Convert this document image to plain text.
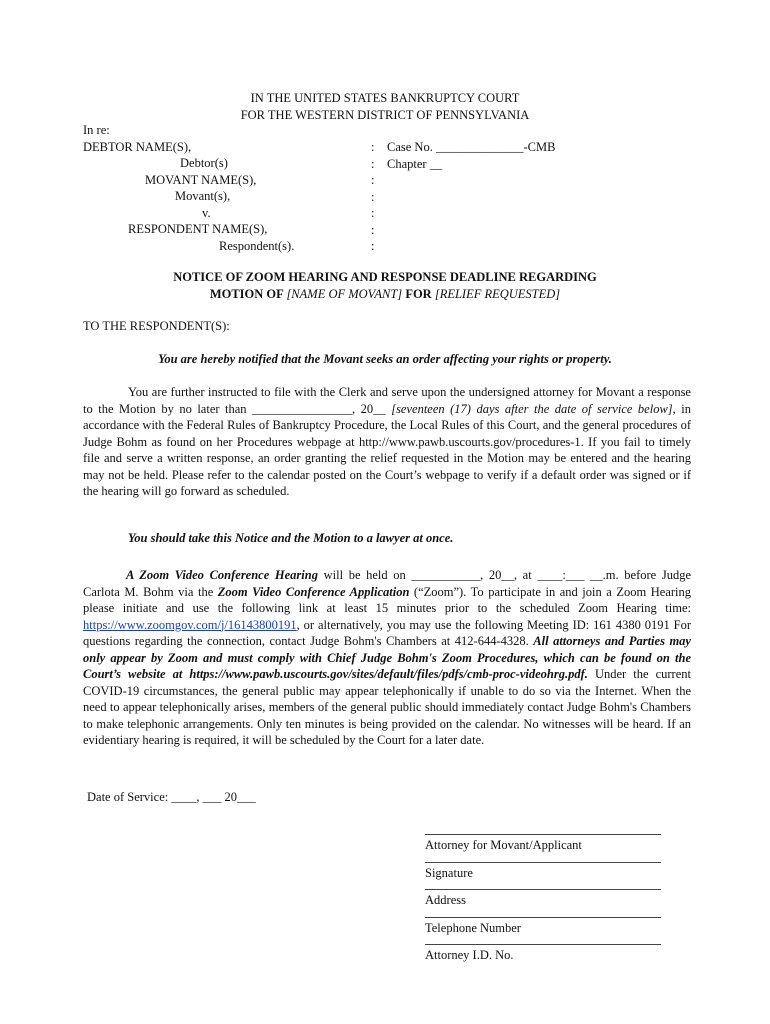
IN THE UNITED STATES BANKRUPTCY COURT
FOR THE WESTERN DISTRICT OF PENNSYLVANIA
In re:
DEBTOR NAME(S),
Debtor(s)
MOVANT NAME(S),
Movant(s),
v.
RESPONDENT NAME(S),
Respondent(s).
:
:
:
:
:
:
:
Case No. ______________-CMB
Chapter __
NOTICE OF ZOOM HEARING AND RESPONSE DEADLINE REGARDING
MOTION OF [NAME OF MOVANT] FOR [RELIEF REQUESTED]
TO THE RESPONDENT(S):
You are hereby notified that the Movant seeks an order affecting your rights or property.
You are further instructed to file with the Clerk and serve upon the undersigned attorney for Movant a response to the Motion by no later than ________________, 20__ [seventeen (17) days after the date of service below], in accordance with the Federal Rules of Bankruptcy Procedure, the Local Rules of this Court, and the general procedures of Judge Bohm as found on her Procedures webpage at http://www.pawb.uscourts.gov/procedures-1. If you fail to timely file and serve a written response, an order granting the relief requested in the Motion may be entered and the hearing may not be held. Please refer to the calendar posted on the Court’s webpage to verify if a default order was signed or if the hearing will go forward as scheduled.
You should take this Notice and the Motion to a lawyer at once.
A Zoom Video Conference Hearing will be held on ___________, 20__, at ____:___ __.m. before Judge Carlota M. Bohm via the Zoom Video Conference Application (“Zoom”). To participate in and join a Zoom Hearing please initiate and use the following link at least 15 minutes prior to the scheduled Zoom Hearing time: https://www.zoomgov.com/j/16143800191, or alternatively, you may use the following Meeting ID: 161 4380 0191 For questions regarding the connection, contact Judge Bohm's Chambers at 412-644-4328. All attorneys and Parties may only appear by Zoom and must comply with Chief Judge Bohm's Zoom Procedures, which can be found on the Court’s website at https://www.pawb.uscourts.gov/sites/default/files/pdfs/cmb-proc-videohrg.pdf. Under the current COVID-19 circumstances, the general public may appear telephonically if unable to do so via the Internet. When the need to appear telephonically arises, members of the general public should immediately contact Judge Bohm's Chambers to make telephonic arrangements. Only ten minutes is being provided on the calendar. No witnesses will be heard. If an evidentiary hearing is required, it will be scheduled by the Court for a later date.
Date of Service: ____, ___ 20___
Attorney for Movant/Applicant
Signature
Address
Telephone Number
Attorney I.D. No.
